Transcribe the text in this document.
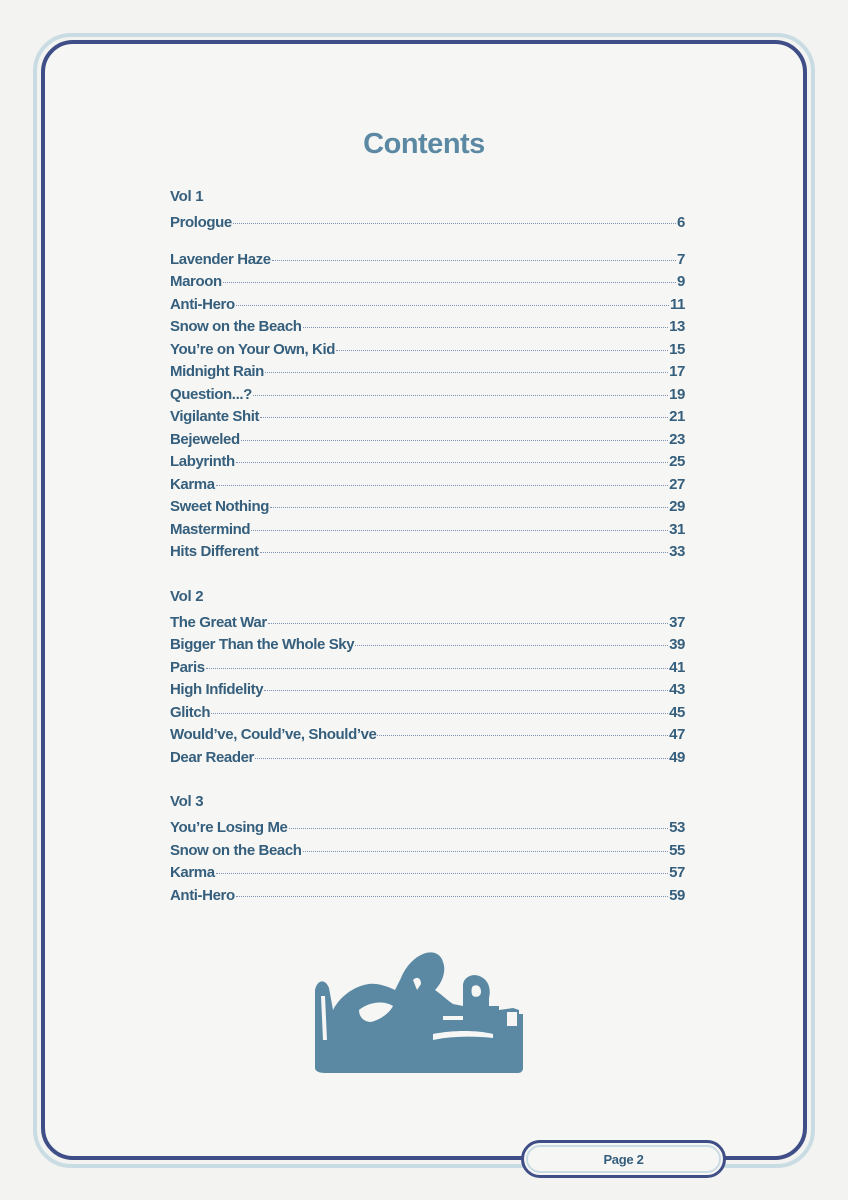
Contents
Vol 1
Prologue	6
Lavender Haze	7
Maroon	9
Anti-Hero	11
Snow on the Beach	13
You’re on Your Own, Kid	15
Midnight Rain	17
Question...?	19
Vigilante Shit	21
Bejeweled	23
Labyrinth	25
Karma	27
Sweet Nothing	29
Mastermind	31
Hits Different	33
Vol 2
The Great War	37
Bigger Than the Whole Sky	39
Paris	41
High Infidelity	43
Glitch	45
Would’ve, Could’ve, Should’ve	47
Dear Reader	49
Vol 3
You’re Losing Me	53
Snow on the Beach	55
Karma	57
Anti-Hero	59
Page 2
